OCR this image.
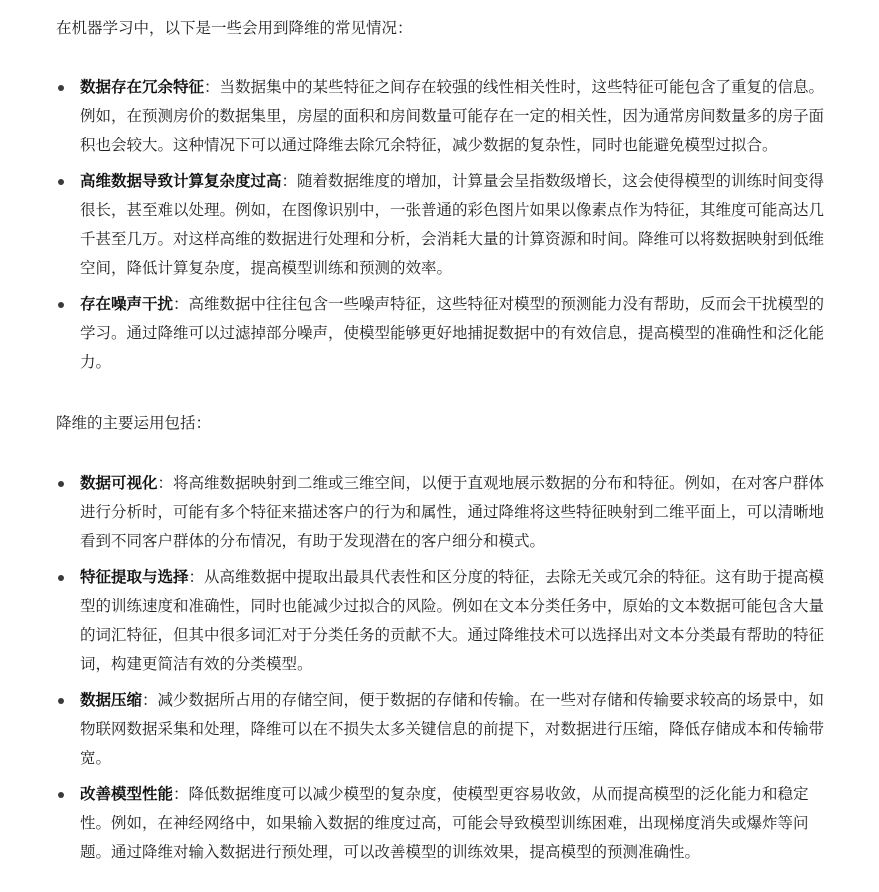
在机器学习中，以下是一些会用到降维的常见情况：

数据存在冗余特征：当数据集中的某些特征之间存在较强的线性相关性时，这些特征可能包含了重复的信息。例如，在预测房价的数据集里，房屋的面积和房间数量可能存在一定的相关性，因为通常房间数量多的房子面积也会较大。这种情况下可以通过降维去除冗余特征，减少数据的复杂性，同时也能避免模型过拟合。
高维数据导致计算复杂度过高：随着数据维度的增加，计算量会呈指数级增长，这会使得模型的训练时间变得很长，甚至难以处理。例如，在图像识别中，一张普通的彩色图片如果以像素点作为特征，其维度可能高达几千甚至几万。对这样高维的数据进行处理和分析，会消耗大量的计算资源和时间。降维可以将数据映射到低维空间，降低计算复杂度，提高模型训练和预测的效率。
存在噪声干扰：高维数据中往往包含一些噪声特征，这些特征对模型的预测能力没有帮助，反而会干扰模型的学习。通过降维可以过滤掉部分噪声，使模型能够更好地捕捉数据中的有效信息，提高模型的准确性和泛化能力。

降维的主要运用包括：

数据可视化：将高维数据映射到二维或三维空间，以便于直观地展示数据的分布和特征。例如，在对客户群体进行分析时，可能有多个特征来描述客户的行为和属性，通过降维将这些特征映射到二维平面上，可以清晰地看到不同客户群体的分布情况，有助于发现潜在的客户细分和模式。
特征提取与选择：从高维数据中提取出最具代表性和区分度的特征，去除无关或冗余的特征。这有助于提高模型的训练速度和准确性，同时也能减少过拟合的风险。例如在文本分类任务中，原始的文本数据可能包含大量的词汇特征，但其中很多词汇对于分类任务的贡献不大。通过降维技术可以选择出对文本分类最有帮助的特征词，构建更简洁有效的分类模型。
数据压缩：减少数据所占用的存储空间，便于数据的存储和传输。在一些对存储和传输要求较高的场景中，如物联网数据采集和处理，降维可以在不损失太多关键信息的前提下，对数据进行压缩，降低存储成本和传输带宽。
改善模型性能：降低数据维度可以减少模型的复杂度，使模型更容易收敛，从而提高模型的泛化能力和稳定性。例如，在神经网络中，如果输入数据的维度过高，可能会导致模型训练困难，出现梯度消失或爆炸等问题。通过降维对输入数据进行预处理，可以改善模型的训练效果，提高模型的预测准确性。
